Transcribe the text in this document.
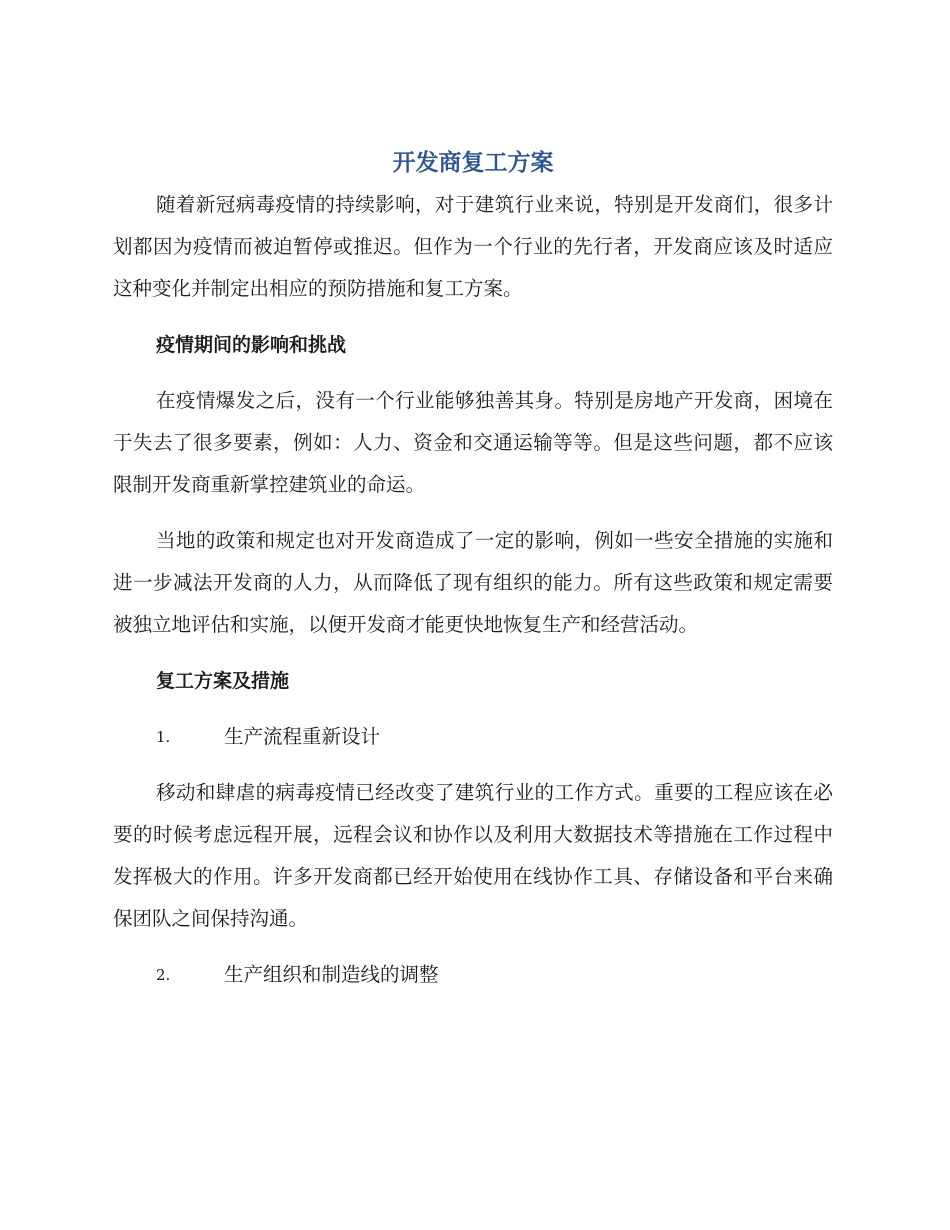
开发商复工方案

随着新冠病毒疫情的持续影响，对于建筑行业来说，特别是开发商们，很多计划都因为疫情而被迫暂停或推迟。但作为一个行业的先行者，开发商应该及时适应这种变化并制定出相应的预防措施和复工方案。

疫情期间的影响和挑战

在疫情爆发之后，没有一个行业能够独善其身。特别是房地产开发商，困境在于失去了很多要素，例如：人力、资金和交通运输等等。但是这些问题，都不应该限制开发商重新掌控建筑业的命运。

当地的政策和规定也对开发商造成了一定的影响，例如一些安全措施的实施和进一步减法开发商的人力，从而降低了现有组织的能力。所有这些政策和规定需要被独立地评估和实施，以便开发商才能更快地恢复生产和经营活动。

复工方案及措施
1.	生产流程重新设计

移动和肆虐的病毒疫情已经改变了建筑行业的工作方式。重要的工程应该在必要的时候考虑远程开展，远程会议和协作以及利用大数据技术等措施在工作过程中发挥极大的作用。许多开发商都已经开始使用在线协作工具、存储设备和平台来确保团队之间保持沟通。

2.	生产组织和制造线的调整
